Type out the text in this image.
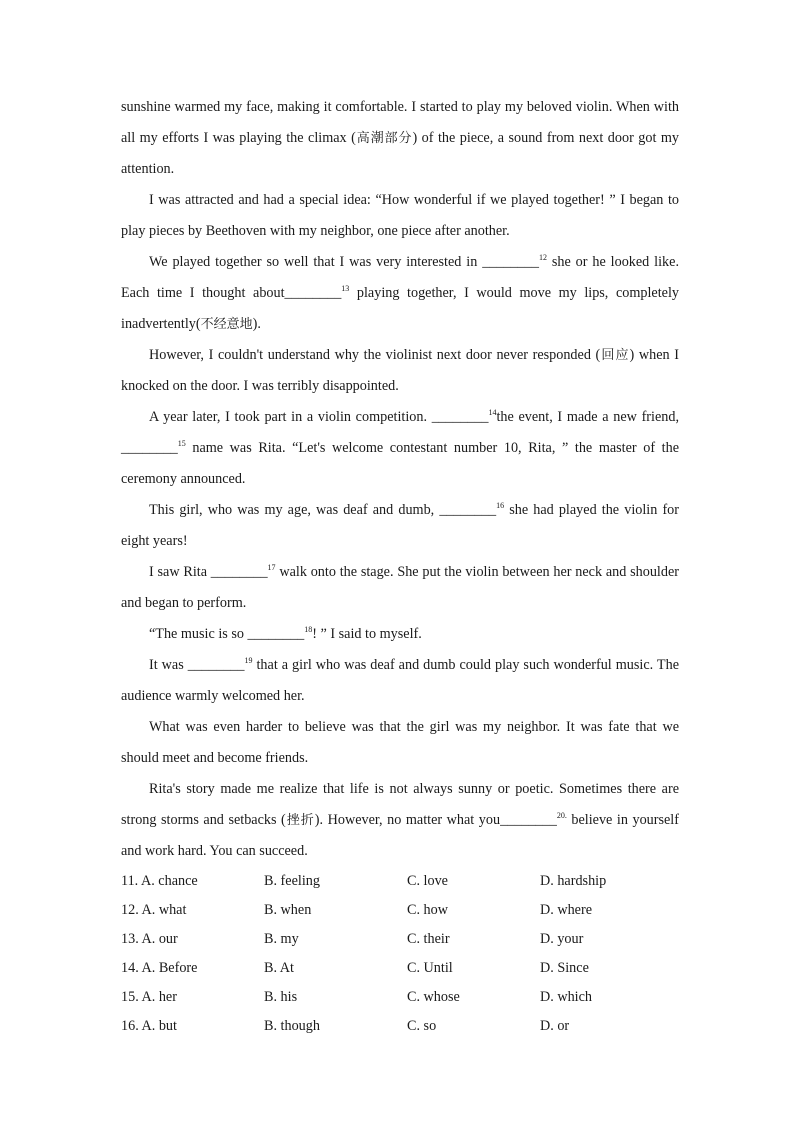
sunshine warmed my face, making it comfortable. I started to play my beloved violin. When with all my efforts I was playing the climax (高潮部分) of the piece, a sound from next door got my attention.

I was attracted and had a special idea: “How wonderful if we played together! ” I began to play pieces by Beethoven with my neighbor, one piece after another.

We played together so well that I was very interested in ________$^{12}$ she or he looked like. Each time I thought about________$^{13}$ playing together, I would move my lips, completely inadvertently(不经意地).

However, I couldn't understand why the violinist next door never responded (回应) when I knocked on the door. I was terribly disappointed.

A year later, I took part in a violin competition. ________$^{14}$the event, I made a new friend, ________$^{15}$ name was Rita. “Let's welcome contestant number 10, Rita, ” the master of the ceremony announced.

This girl, who was my age, was deaf and dumb, ________$^{16}$ she had played the violin for eight years!

I saw Rita ________$^{17}$ walk onto the stage. She put the violin between her neck and shoulder and began to perform.

“The music is so ________$^{18}$! ” I said to myself.

It was ________$^{19}$ that a girl who was deaf and dumb could play such wonderful music. The audience warmly welcomed her.

What was even harder to believe was that the girl was my neighbor. It was fate that we should meet and become friends.

Rita's story made me realize that life is not always sunny or poetic. Sometimes there are strong storms and setbacks (挫折). However, no matter what you________$^{20.}$ believe in yourself and work hard. You can succeed.

11. A. chance	B. feeling	C. love	D. hardship
12. A. what	B. when	C. how	D. where
13. A. our	B. my	C. their	D. your
14. A. Before	B. At	C. Until	D. Since
15. A. her	B. his	C. whose	D. which
16. A. but	B. though	C. so	D. or
